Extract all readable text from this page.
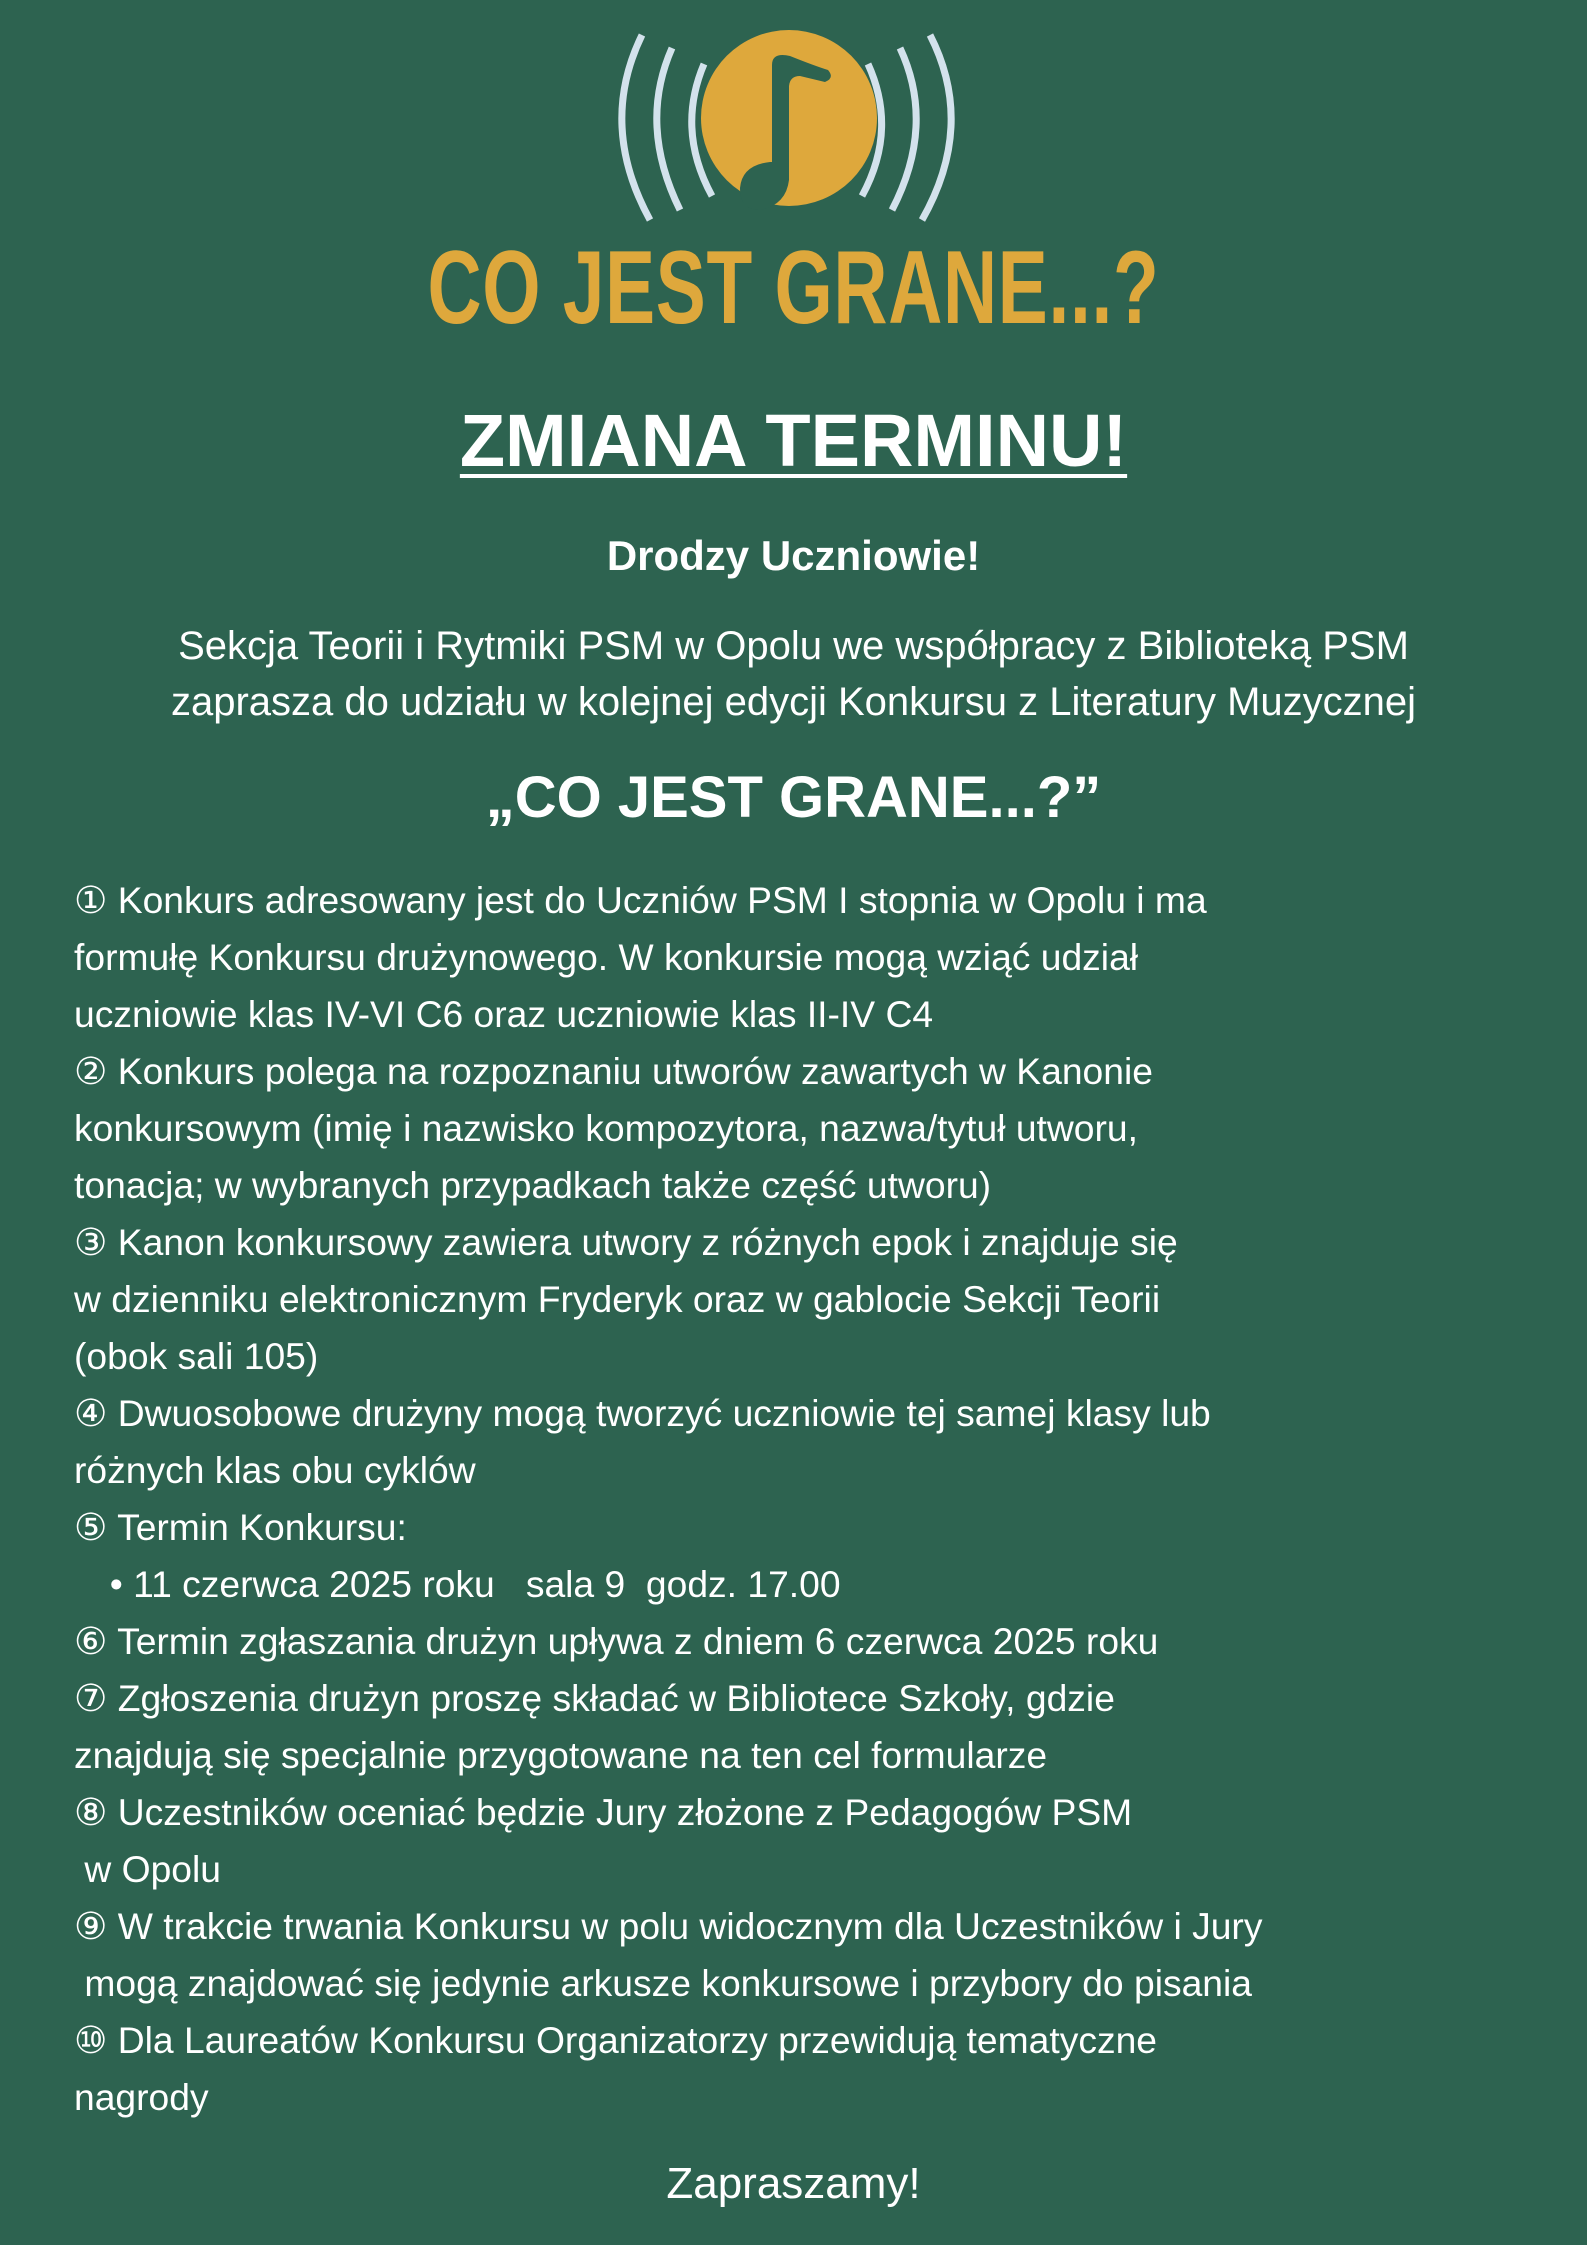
CO JEST GRANE...?
ZMIANA TERMINU!
Drodzy Uczniowie!
Sekcja Teorii i Rytmiki PSM w Opolu we współpracy z Biblioteką PSM
zaprasza do udziału w kolejnej edycji Konkursu z Literatury Muzycznej
„CO JEST GRANE...?”
① Konkurs adresowany jest do Uczniów PSM I stopnia w Opolu i ma
formułę Konkursu drużynowego. W konkursie mogą wziąć udział
uczniowie klas IV-VI C6 oraz uczniowie klas II-IV C4
② Konkurs polega na rozpoznaniu utworów zawartych w Kanonie
konkursowym (imię i nazwisko kompozytora, nazwa/tytuł utworu,
tonacja; w wybranych przypadkach także część utworu)
③ Kanon konkursowy zawiera utwory z różnych epok i znajduje się
w dzienniku elektronicznym Fryderyk oraz w gablocie Sekcji Teorii
(obok sali 105)
④ Dwuosobowe drużyny mogą tworzyć uczniowie tej samej klasy lub
różnych klas obu cyklów
⑤ Termin Konkursu:
• 11 czerwca 2025 roku   sala 9  godz. 17.00
⑥ Termin zgłaszania drużyn upływa z dniem 6 czerwca 2025 roku
⑦ Zgłoszenia drużyn proszę składać w Bibliotece Szkoły, gdzie
znajdują się specjalnie przygotowane na ten cel formularze
⑧ Uczestników oceniać będzie Jury złożone z Pedagogów PSM
w Opolu
⑨ W trakcie trwania Konkursu w polu widocznym dla Uczestników i Jury
mogą znajdować się jedynie arkusze konkursowe i przybory do pisania
⑩ Dla Laureatów Konkursu Organizatorzy przewidują tematyczne
nagrody
Zapraszamy!
